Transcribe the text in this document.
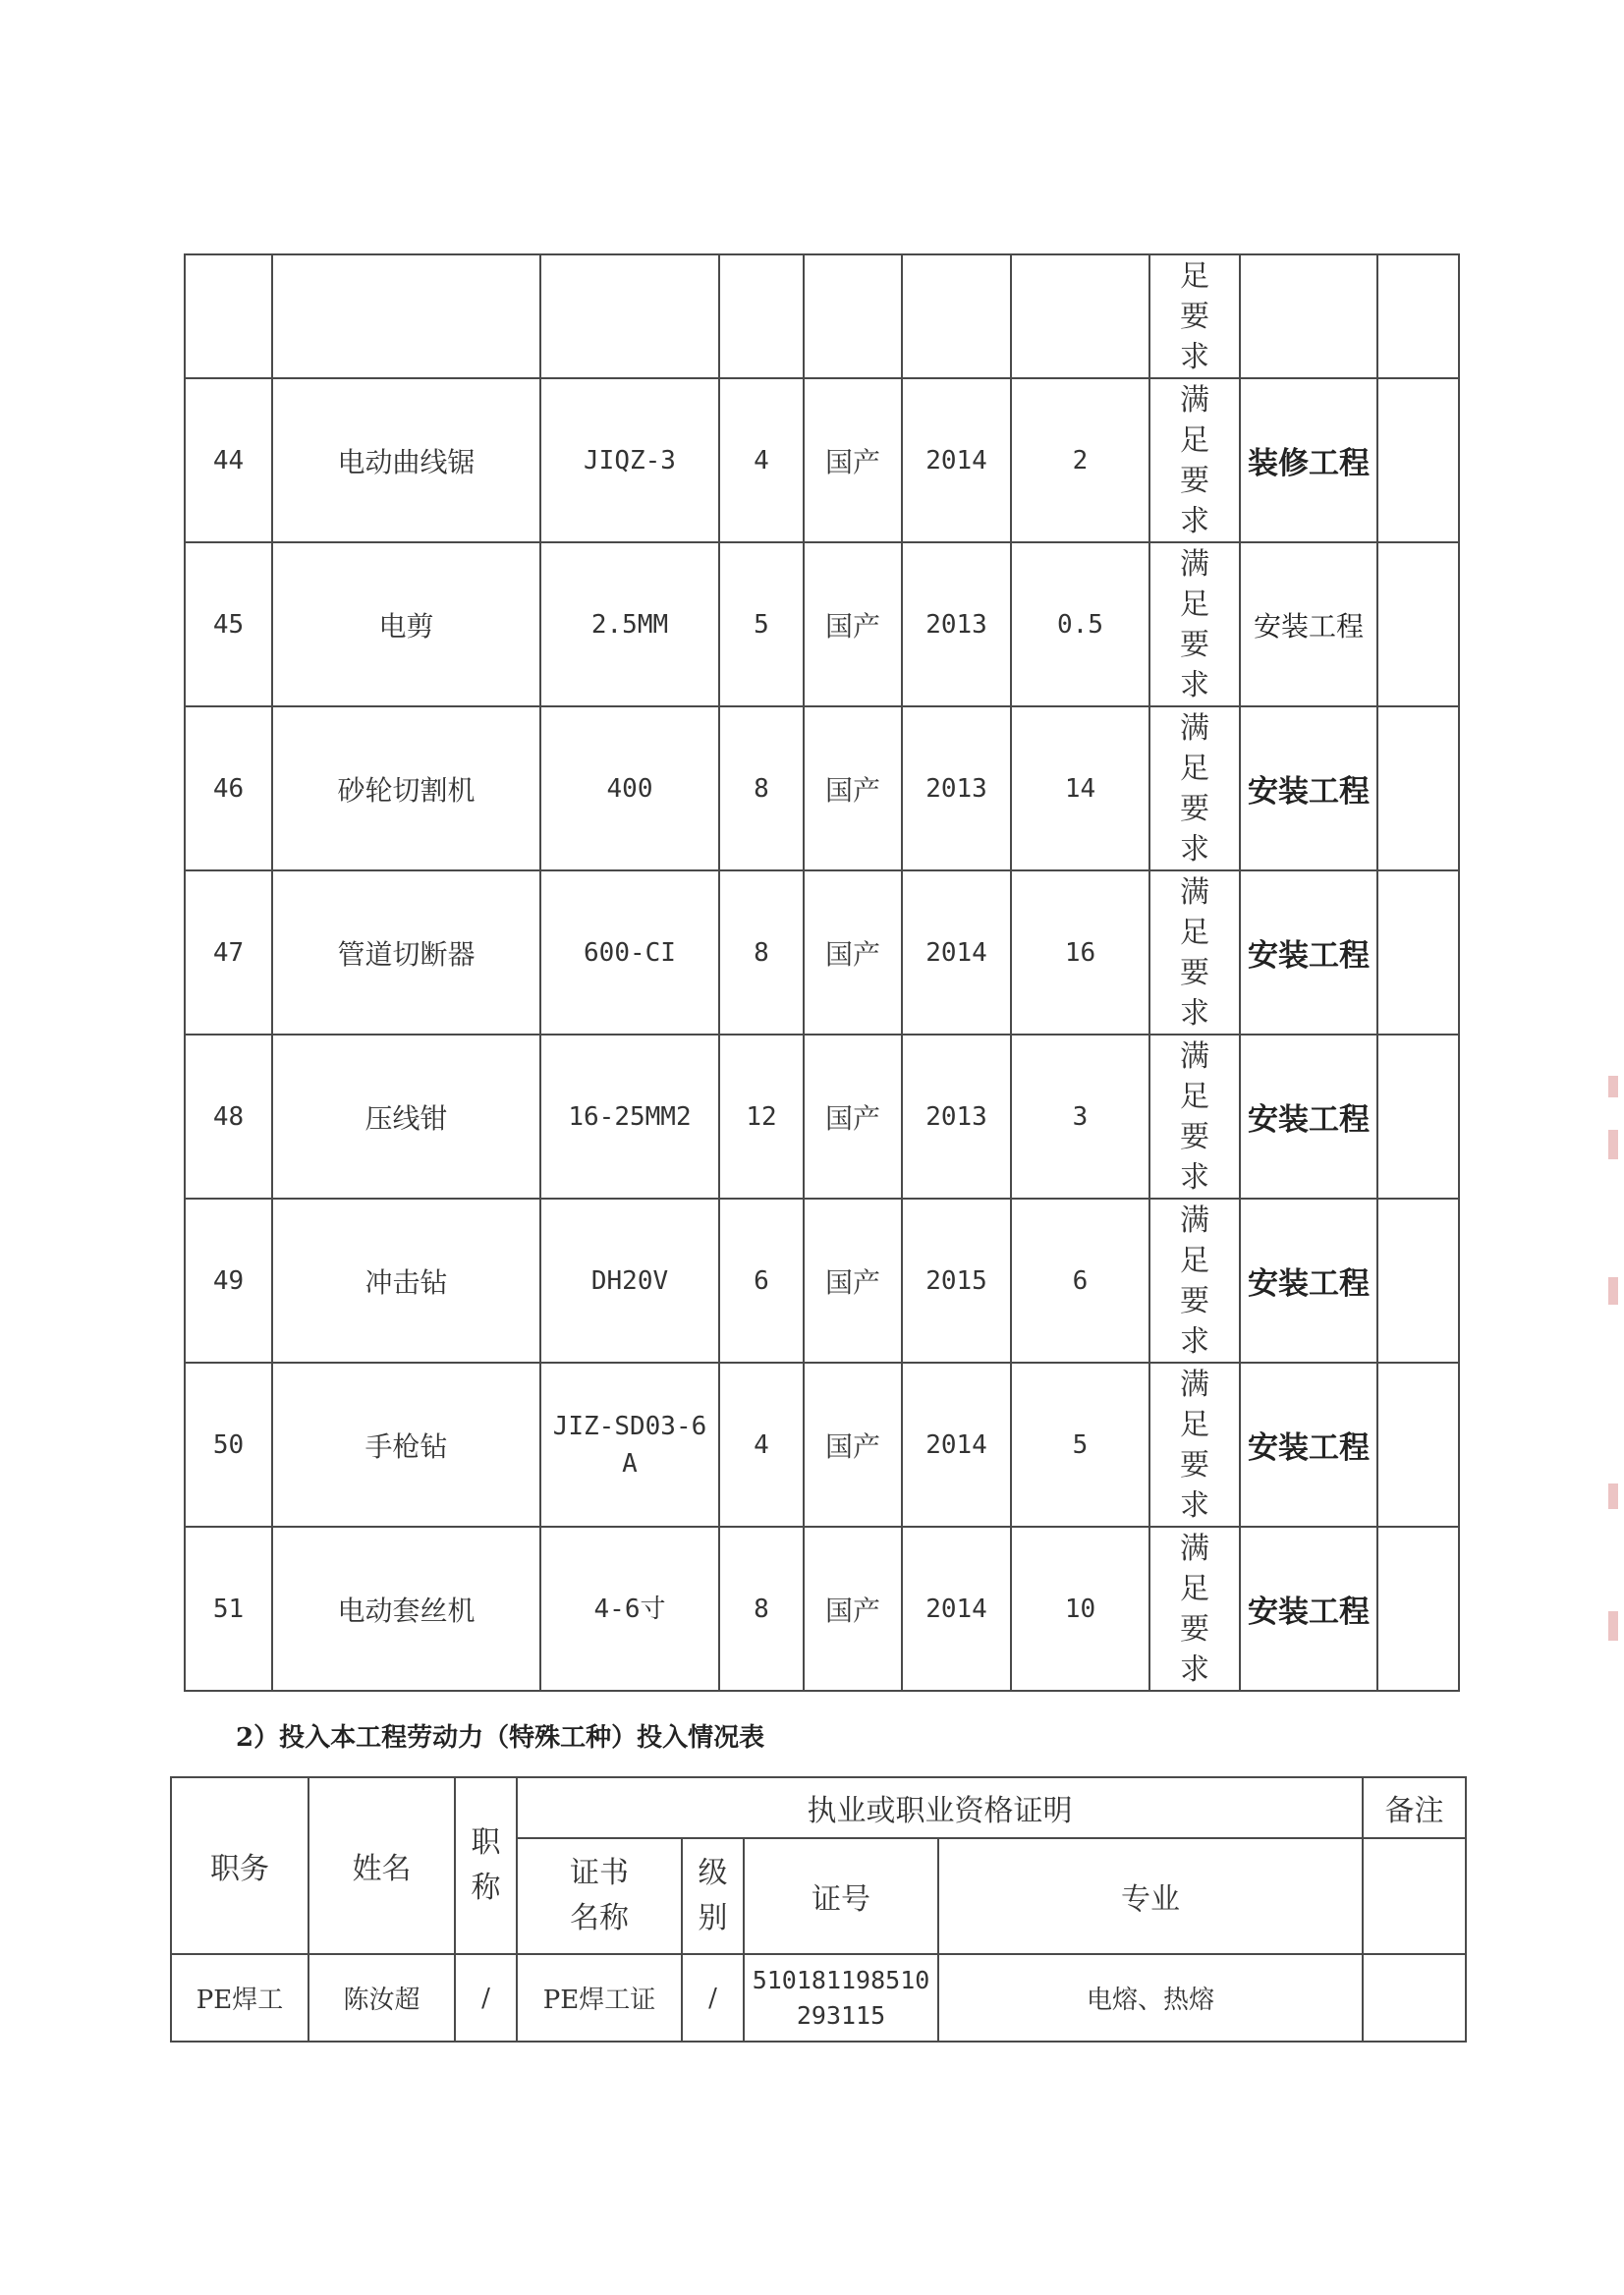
							足要求		
44	电动曲线锯	JIQZ-3	4	国产	2014	2	满足要求	装修工程	
45	电剪	2.5MM	5	国产	2013	0.5	满足要求	安装工程	
46	砂轮切割机	400	8	国产	2013	14	满足要求	安装工程	
47	管道切断器	600-CI	8	国产	2014	16	满足要求	安装工程	
48	压线钳	16-25MM2	12	国产	2013	3	满足要求	安装工程	
49	冲击钻	DH20V	6	国产	2015	6	满足要求	安装工程	
50	手枪钻	JIZ-SD03-6A	4	国产	2014	5	满足要求	安装工程	
51	电动套丝机	4-6寸	8	国产	2014	10	满足要求	安装工程	
2）投入本工程劳动力（特殊工种）投入情况表
职务	姓名	职称	执业或职业资格证明				备注
			证书名称	级别	证号	专业	
PE焊工	陈汝超	/	PE焊工证	/	510181198510293115	电熔、热熔	
